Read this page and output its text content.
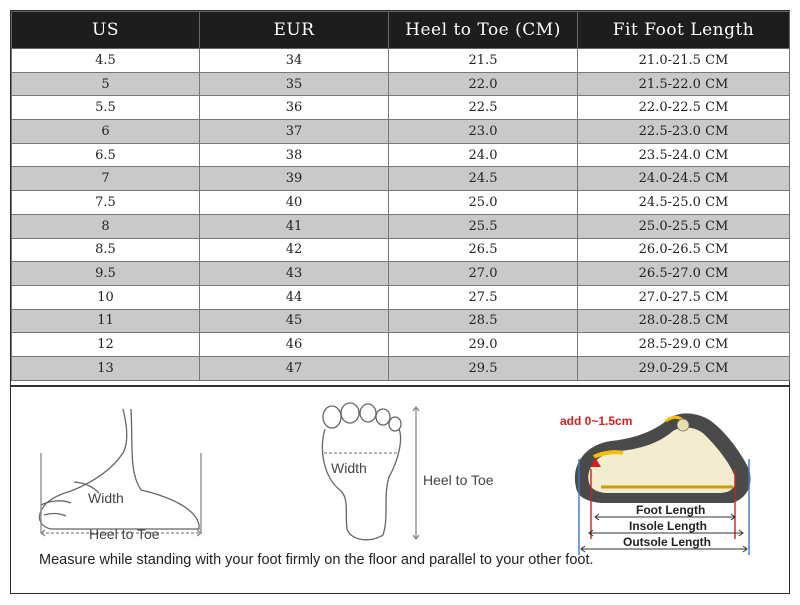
US	EUR	Heel to Toe (CM)	Fit Foot Length
4.5	34	21.5	21.0-21.5 CM
5	35	22.0	21.5-22.0 CM
5.5	36	22.5	22.0-22.5 CM
6	37	23.0	22.5-23.0 CM
6.5	38	24.0	23.5-24.0 CM
7	39	24.5	24.0-24.5 CM
7.5	40	25.0	24.5-25.0 CM
8	41	25.5	25.0-25.5 CM
8.5	42	26.5	26.0-26.5 CM
9.5	43	27.0	26.5-27.0 CM
10	44	27.5	27.0-27.5 CM
11	45	28.5	28.0-28.5 CM
12	46	29.0	28.5-29.0 CM
13	47	29.5	29.0-29.5 CM
Width
Heel to Toe
Width
Heel to Toe
add 0~1.5cm
Foot Length
Insole Length
Outsole Length
Measure while standing with your foot firmly on the floor and parallel to your other foot.
